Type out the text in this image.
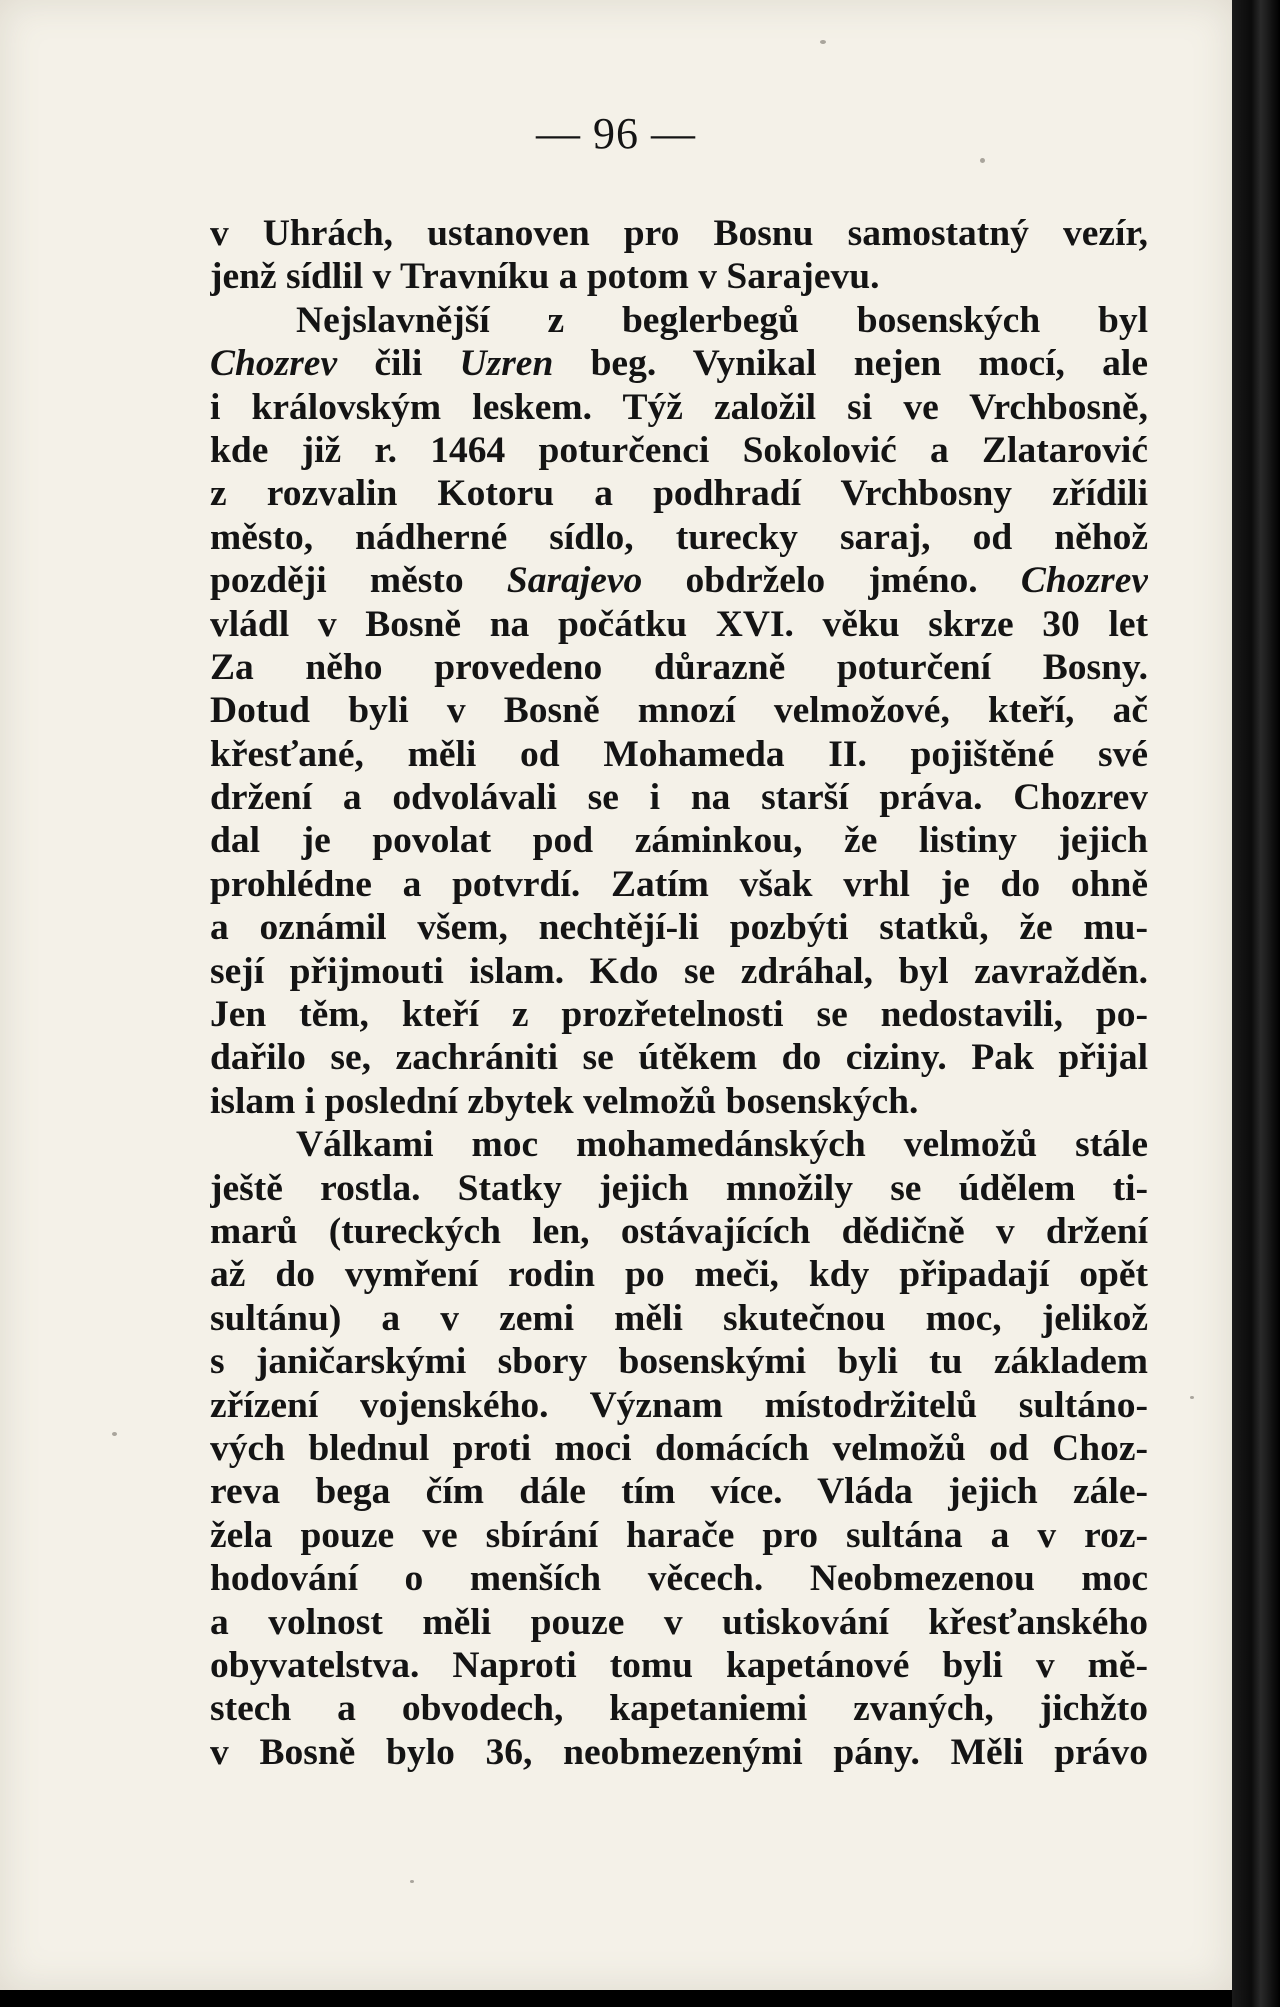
— 96 —
v Uhrách, ustanoven pro Bosnu samostatný vezír,
jenž sídlil v Travníku a potom v Sarajevu.
Nejslavnější z beglerbegů bosenských byl
Chozrev čili Uzren beg. Vynikal nejen mocí, ale
i královským leskem. Týž založil si ve Vrchbosně,
kde již r. 1464 poturčenci Sokolović a Zlatarović
z rozvalin Kotoru a podhradí Vrchbosny zřídili
město, nádherné sídlo, turecky saraj, od něhož
později město Sarajevo obdrželo jméno. Chozrev
vládl v Bosně na počátku XVI. věku skrze 30 let
Za něho provedeno důrazně poturčení Bosny.
Dotud byli v Bosně mnozí velmožové, kteří, ač
křesťané, měli od Mohameda II. pojištěné své
držení a odvolávali se i na starší práva. Chozrev
dal je povolat pod záminkou, že listiny jejich
prohlédne a potvrdí. Zatím však vrhl je do ohně
a oznámil všem, nechtějí-li pozbýti statků, že mu-
sejí přijmouti islam. Kdo se zdráhal, byl zavražděn.
Jen těm, kteří z prozřetelnosti se nedostavili, po-
dařilo se, zachrániti se útěkem do ciziny. Pak přijal
islam i poslední zbytek velmožů bosenských.
Válkami moc mohamedánských velmožů stále
ještě rostla. Statky jejich množily se údělem ti-
marů (tureckých len, ostávajících dědičně v držení
až do vymření rodin po meči, kdy připadají opět
sultánu) a v zemi měli skutečnou moc, jelikož
s janičarskými sbory bosenskými byli tu základem
zřízení vojenského. Význam místodržitelů sultáno-
vých blednul proti moci domácích velmožů od Choz-
reva bega čím dále tím více. Vláda jejich zále-
žela pouze ve sbírání harače pro sultána a v roz-
hodování o menších věcech. Neobmezenou moc
a volnost měli pouze v utiskování křesťanského
obyvatelstva. Naproti tomu kapetánové byli v mě-
stech a obvodech, kapetaniemi zvaných, jichžto
v Bosně bylo 36, neobmezenými pány. Měli právo
